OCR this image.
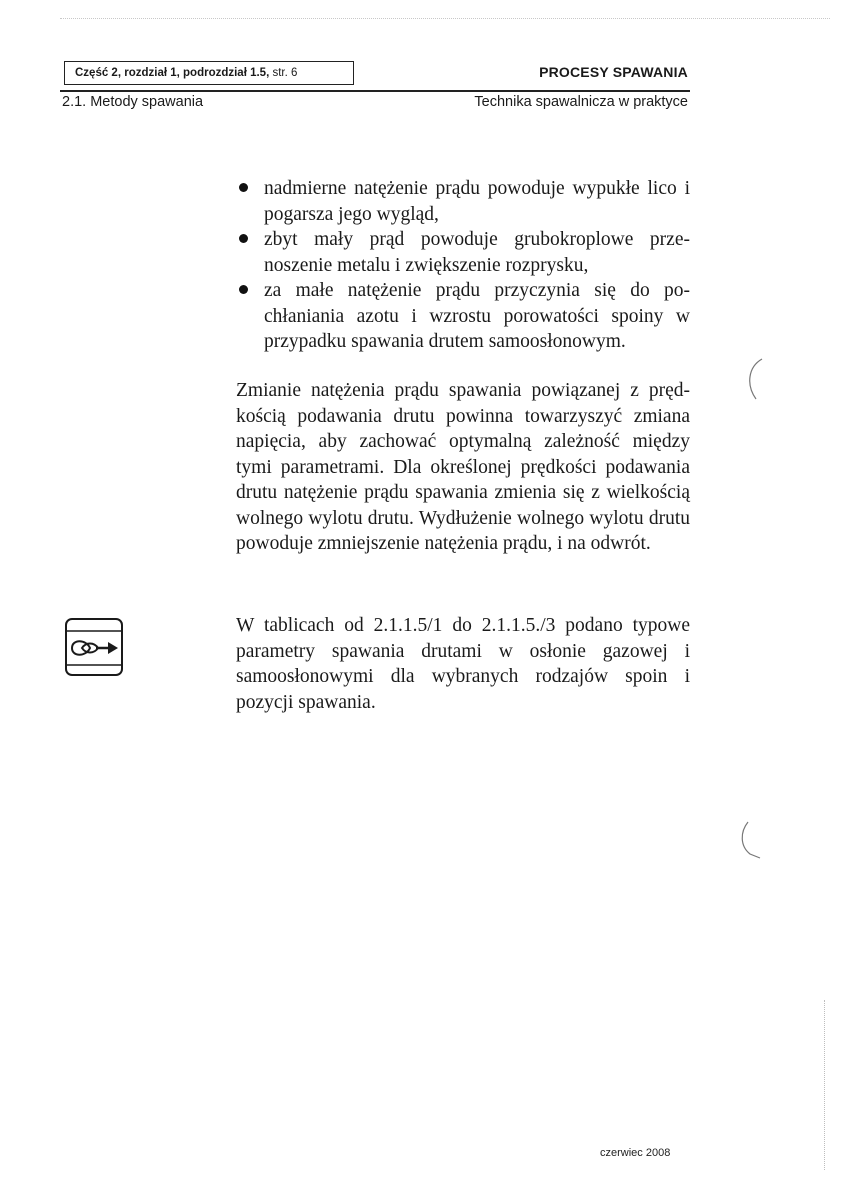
Część 2, rozdział 1, podrozdział 1.5, str. 6	PROCESY SPAWANIA
2.1. Metody spawania	Technika spawalnicza w praktyce
nadmierne natężenie prądu powoduje wypukłe lico i pogarsza jego wygląd,
zbyt mały prąd powoduje grubokroplowe przenoszenie metalu i zwiększenie rozprysku,
za małe natężenie prądu przyczynia się do pochłaniania azotu i wzrostu porowatości spoiny w przypadku spawania drutem samoosłonowym.

Zmianie natężenia prądu spawania powiązanej z prędkością podawania drutu powinna towarzyszyć zmiana napięcia, aby zachować optymalną zależność między tymi parametrami. Dla określonej prędkości podawania drutu natężenie prądu spawania zmienia się z wielkością wolnego wylotu drutu. Wydłużenie wolnego wylotu drutu powoduje zmniejszenie natężenia prądu, i na odwrót.

W tablicach od 2.1.1.5/1 do 2.1.1.5./3 podano typowe parametry spawania drutami w osłonie gazowej i samoosłonowymi dla wybranych rodzajów spoin i pozycji spawania.

czerwiec 2008
